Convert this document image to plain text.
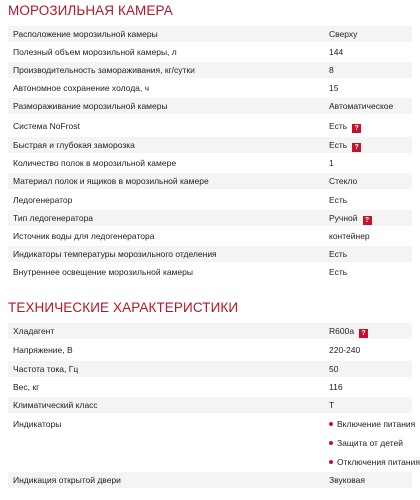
МОРОЗИЛЬНАЯ КАМЕРА
Расположение морозильной камеры	Сверху
Полезный объем морозильной камеры, л	144
Производительность замораживания, кг/сутки	8
Автономное сохранение холода, ч	15
Размораживание морозильной камеры	Автоматическое
Система NoFrost	Есть ?
Быстрая и глубокая заморозка	Есть ?
Количество полок в морозильной камере	1
Материал полок и ящиков в морозильной камере	Стекло
Ледогенератор	Есть
Тип ледогенератора	Ручной ?
Источник воды для ледогенератора	контейнер
Индикаторы температуры морозильного отделения	Есть
Внутреннее освещение морозильной камеры	Есть
ТЕХНИЧЕСКИЕ ХАРАКТЕРИСТИКИ
Хладагент	R600a ?
Напряжение, В	220-240
Частота тока, Гц	50
Вес, кг	116
Климатический класс	T
Индикаторы	Включение питания
Защита от детей
Отключения питания
Индикация открытой двери	Звуковая
